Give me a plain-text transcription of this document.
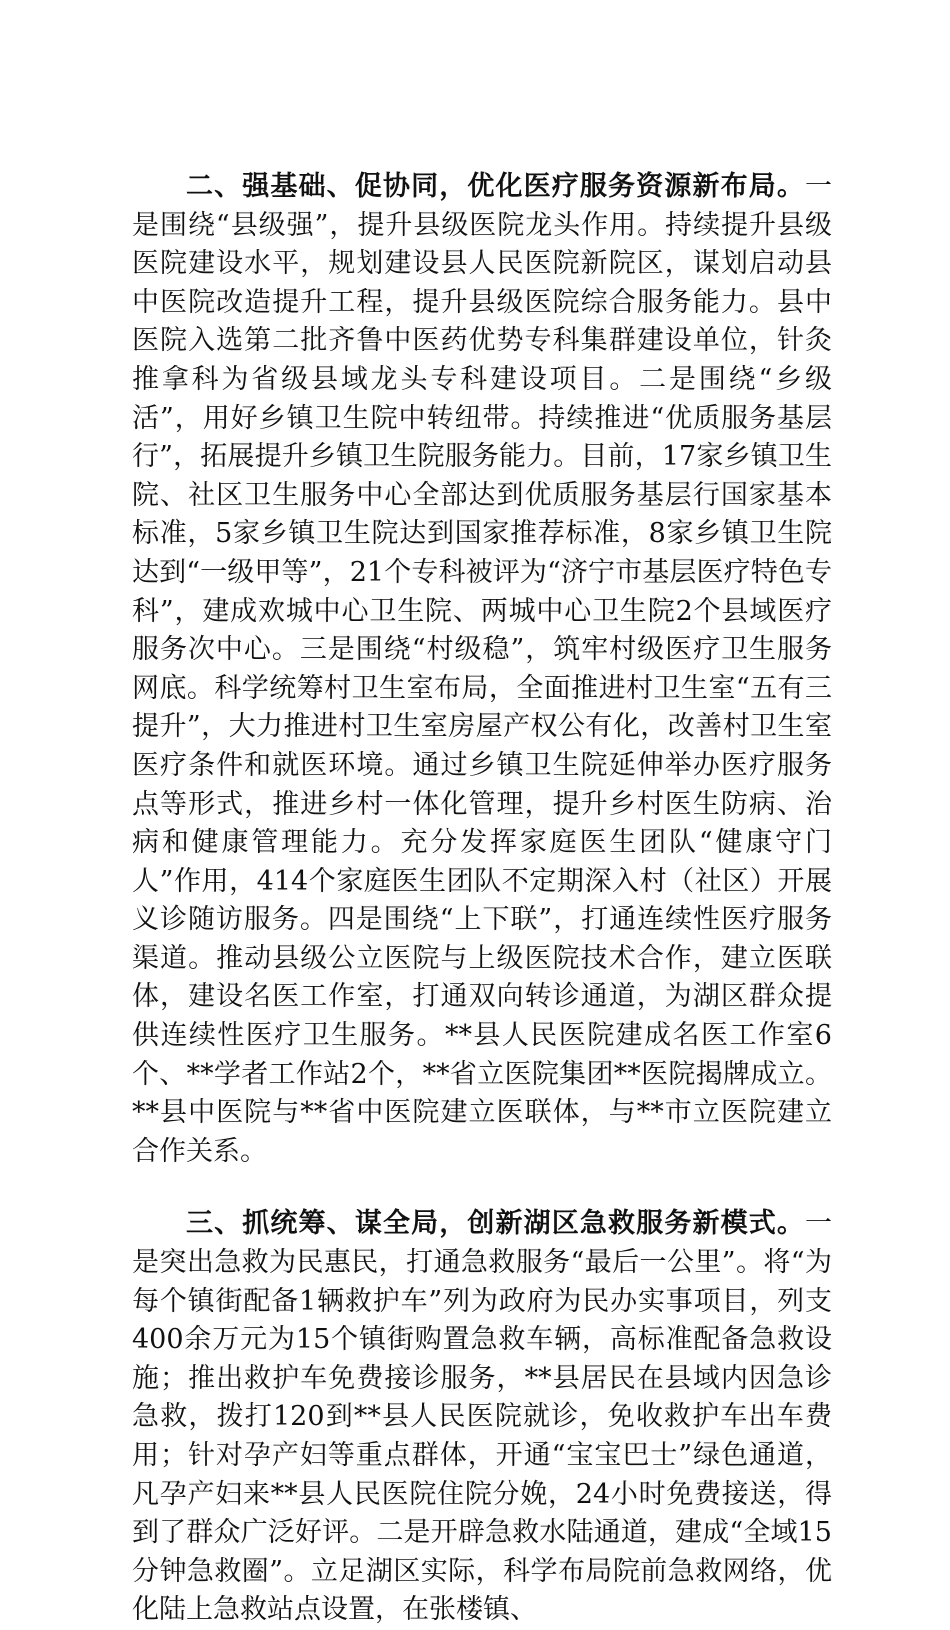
二、强基础、促协同，优化医疗服务资源新布局。一是围绕“县级强”，提升县级医院龙头作用。持续提升县级医院建设水平，规划建设县人民医院新院区，谋划启动县中医院改造提升工程，提升县级医院综合服务能力。县中医院入选第二批齐鲁中医药优势专科集群建设单位，针灸推拿科为省级县域龙头专科建设项目。二是围绕“乡级活”，用好乡镇卫生院中转纽带。持续推进“优质服务基层行”，拓展提升乡镇卫生院服务能力。目前，17家乡镇卫生院、社区卫生服务中心全部达到优质服务基层行国家基本标准，5家乡镇卫生院达到国家推荐标准，8家乡镇卫生院达到“一级甲等”，21个专科被评为“济宁市基层医疗特色专科”，建成欢城中心卫生院、两城中心卫生院2个县域医疗服务次中心。三是围绕“村级稳”，筑牢村级医疗卫生服务网底。科学统筹村卫生室布局，全面推进村卫生室“五有三提升”，大力推进村卫生室房屋产权公有化，改善村卫生室医疗条件和就医环境。通过乡镇卫生院延伸举办医疗服务点等形式，推进乡村一体化管理，提升乡村医生防病、治病和健康管理能力。充分发挥家庭医生团队“健康守门人”作用，414个家庭医生团队不定期深入村（社区）开展义诊随访服务。四是围绕“上下联”，打通连续性医疗服务渠道。推动县级公立医院与上级医院技术合作，建立医联体，建设名医工作室，打通双向转诊通道，为湖区群众提供连续性医疗卫生服务。**县人民医院建成名医工作室6个、**学者工作站2个，**省立医院集团**医院揭牌成立。**县中医院与**省中医院建立医联体，与**市立医院建立合作关系。

三、抓统筹、谋全局，创新湖区急救服务新模式。一是突出急救为民惠民，打通急救服务“最后一公里”。将“为每个镇街配备1辆救护车”列为政府为民办实事项目，列支400余万元为15个镇街购置急救车辆，高标准配备急救设施；推出救护车免费接诊服务，**县居民在县域内因急诊急救，拨打120到**县人民医院就诊，免收救护车出车费用；针对孕产妇等重点群体，开通“宝宝巴士”绿色通道，凡孕产妇来**县人民医院住院分娩，24小时免费接送，得到了群众广泛好评。二是开辟急救水陆通道，建成“全域15分钟急救圈”。立足湖区实际，科学布局院前急救网络，优化陆上急救站点设置，在张楼镇、
